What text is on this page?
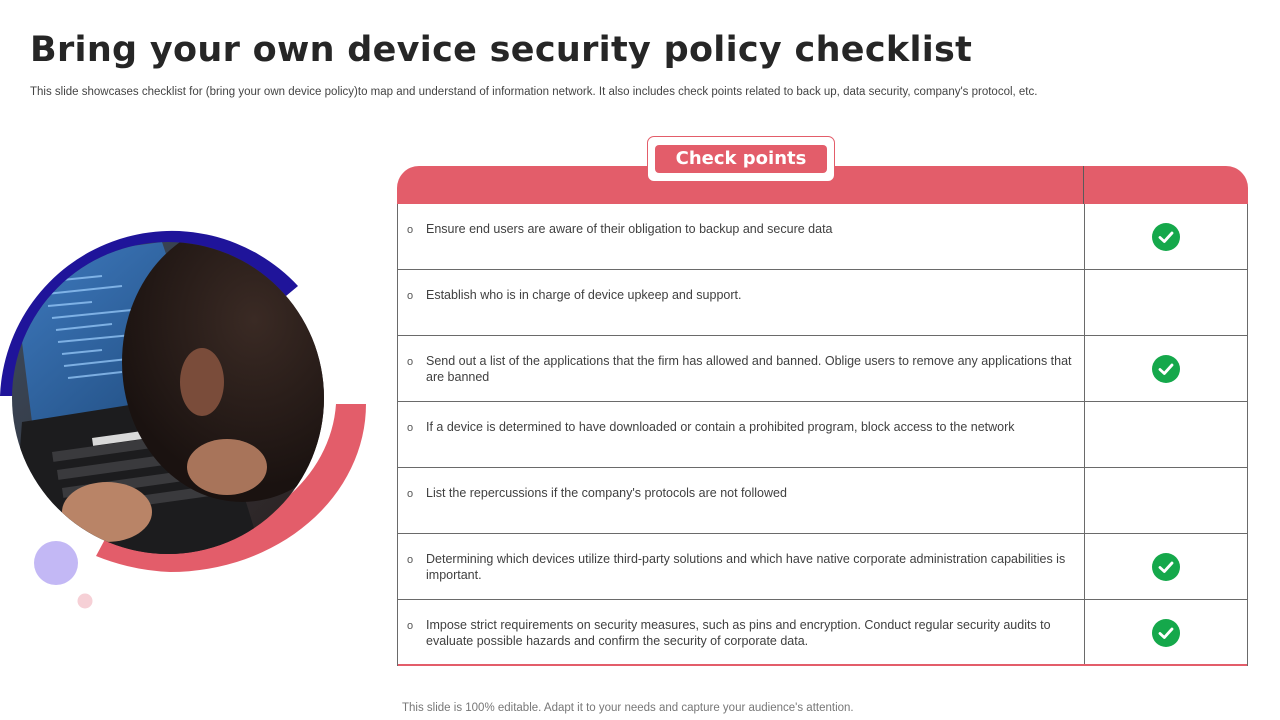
Bring your own device security policy checklist
This slide showcases checklist for (bring your own device policy)to map and understand of information network. It also includes check points related to back up, data security, company's protocol, etc.
Check points
o Ensure end users are aware of their obligation to backup and secure data
o Establish who is in charge of device upkeep and support.
o Send out a list of the applications that the firm has allowed and banned. Oblige users to remove any applications that are banned
o If a device is determined to have downloaded or contain a prohibited program, block access to the network
o List the repercussions if the company's protocols are not followed
o Determining which devices utilize third-party solutions and which have native corporate administration capabilities is important.
o Impose strict requirements on security measures, such as pins and encryption. Conduct regular security audits to evaluate possible hazards and confirm the security of corporate data.
This slide is 100% editable. Adapt it to your needs and capture your audience's attention.
